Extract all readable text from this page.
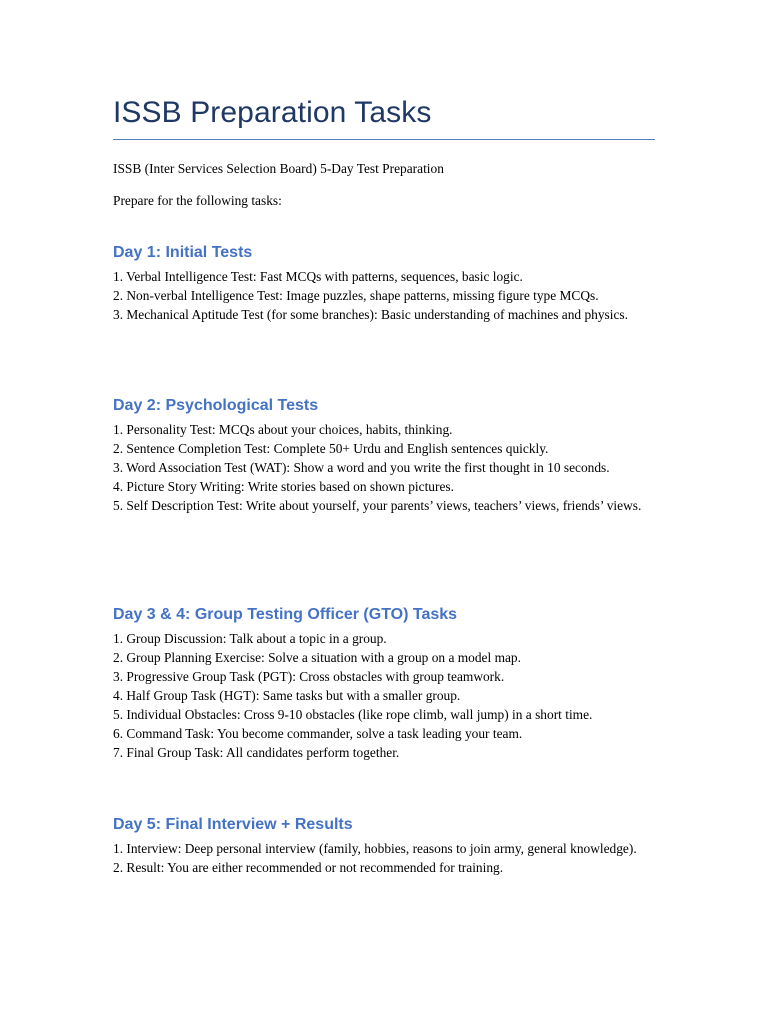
ISSB Preparation Tasks

ISSB (Inter Services Selection Board) 5-Day Test Preparation

Prepare for the following tasks:

Day 1: Initial Tests

1. Verbal Intelligence Test: Fast MCQs with patterns, sequences, basic logic.

2. Non-verbal Intelligence Test: Image puzzles, shape patterns, missing figure type MCQs.

3. Mechanical Aptitude Test (for some branches): Basic understanding of machines and physics.

Day 2: Psychological Tests

1. Personality Test: MCQs about your choices, habits, thinking.

2. Sentence Completion Test: Complete 50+ Urdu and English sentences quickly.

3. Word Association Test (WAT): Show a word and you write the first thought in 10 seconds.

4. Picture Story Writing: Write stories based on shown pictures.

5. Self Description Test: Write about yourself, your parents’ views, teachers’ views, friends’ views.

Day 3 & 4: Group Testing Officer (GTO) Tasks

1. Group Discussion: Talk about a topic in a group.

2. Group Planning Exercise: Solve a situation with a group on a model map.

3. Progressive Group Task (PGT): Cross obstacles with group teamwork.

4. Half Group Task (HGT): Same tasks but with a smaller group.

5. Individual Obstacles: Cross 9-10 obstacles (like rope climb, wall jump) in a short time.

6. Command Task: You become commander, solve a task leading your team.

7. Final Group Task: All candidates perform together.

Day 5: Final Interview + Results

1. Interview: Deep personal interview (family, hobbies, reasons to join army, general knowledge).

2. Result: You are either recommended or not recommended for training.
